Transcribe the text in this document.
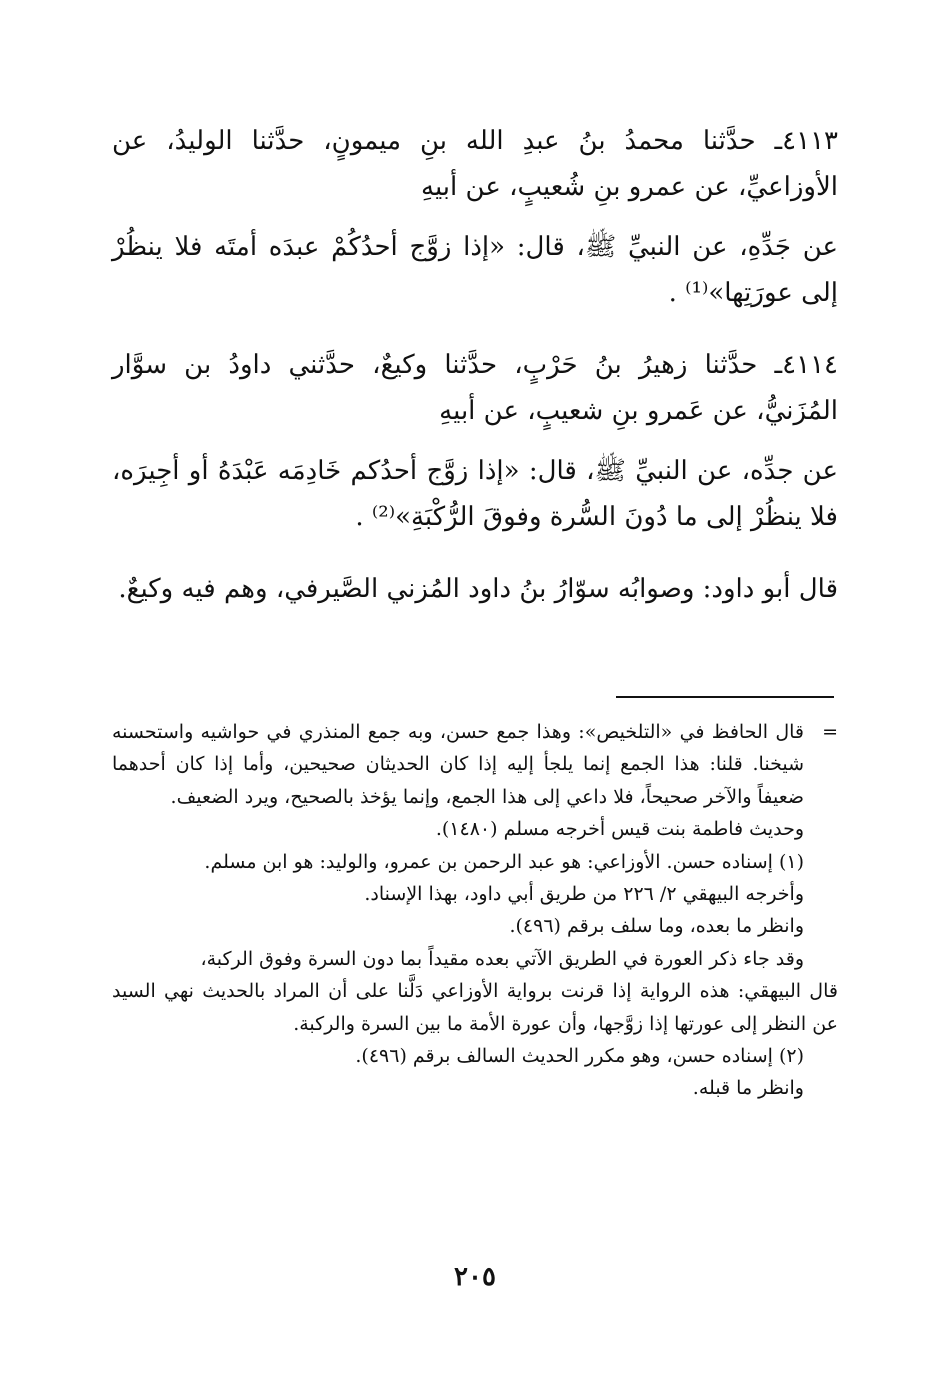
٤١١٣ـ حدَّثنا محمدُ بنُ عبدِ الله بنِ ميمونٍ، حدَّثنا الوليدُ، عن الأوزاعيِّ، عن عمرو بنِ شُعيبٍ، عن أبيهِ
عن جَدِّهِ، عن النبيِّ ﷺ، قال: «إذا زوَّج أحدُكُمْ عبدَه أمتَه فلا ينظُرْ إلى عورَتِها»⁽¹⁾ .
٤١١٤ـ حدَّثنا زهيرُ بنُ حَرْبٍ، حدَّثنا وكيعٌ، حدَّثني داودُ بن سوَّار المُزَنيُّ، عن عَمرو بنِ شعيبٍ، عن أبيهِ
عن جدِّه، عن النبيِّ ﷺ، قال: «إذا زوَّج أحدُكم خَادِمَه عَبْدَهُ أو أجِيرَه، فلا ينظُرْ إلى ما دُونَ السُّرة وفوقَ الرُّكْبَةِ»⁽²⁾ .

قال أبو داود: وصوابُه سوّارُ بنُ داود المُزني الصَّيرفي، وهم فيه وكيعٌ.

=
قال الحافظ في «التلخيص»: وهذا جمع حسن، وبه جمع المنذري في حواشيه واستحسنه شيخنا. قلنا: هذا الجمع إنما يلجأ إليه إذا كان الحديثان صحيحين، وأما إذا كان أحدهما ضعيفاً والآخر صحيحاً، فلا داعي إلى هذا الجمع، وإنما يؤخذ بالصحيح، ويرد الضعيف.

وحديث فاطمة بنت قيس أخرجه مسلم (١٤٨٠).

(١) إسناده حسن. الأوزاعي: هو عبد الرحمن بن عمرو، والوليد: هو ابن مسلم.

وأخرجه البيهقي ٢/ ٢٢٦ من طريق أبي داود، بهذا الإسناد.

وانظر ما بعده، وما سلف برقم (٤٩٦).

وقد جاء ذكر العورة في الطريق الآتي بعده مقيداً بما دون السرة وفوق الركبة،

قال البيهقي: هذه الرواية إذا قرنت برواية الأوزاعي دَلَّنا على أن المراد بالحديث نهي السيد عن النظر إلى عورتها إذا زوَّجها، وأن عورة الأمة ما بين السرة والركبة.

(٢) إسناده حسن، وهو مكرر الحديث السالف برقم (٤٩٦).

وانظر ما قبله.

٢٠٥
